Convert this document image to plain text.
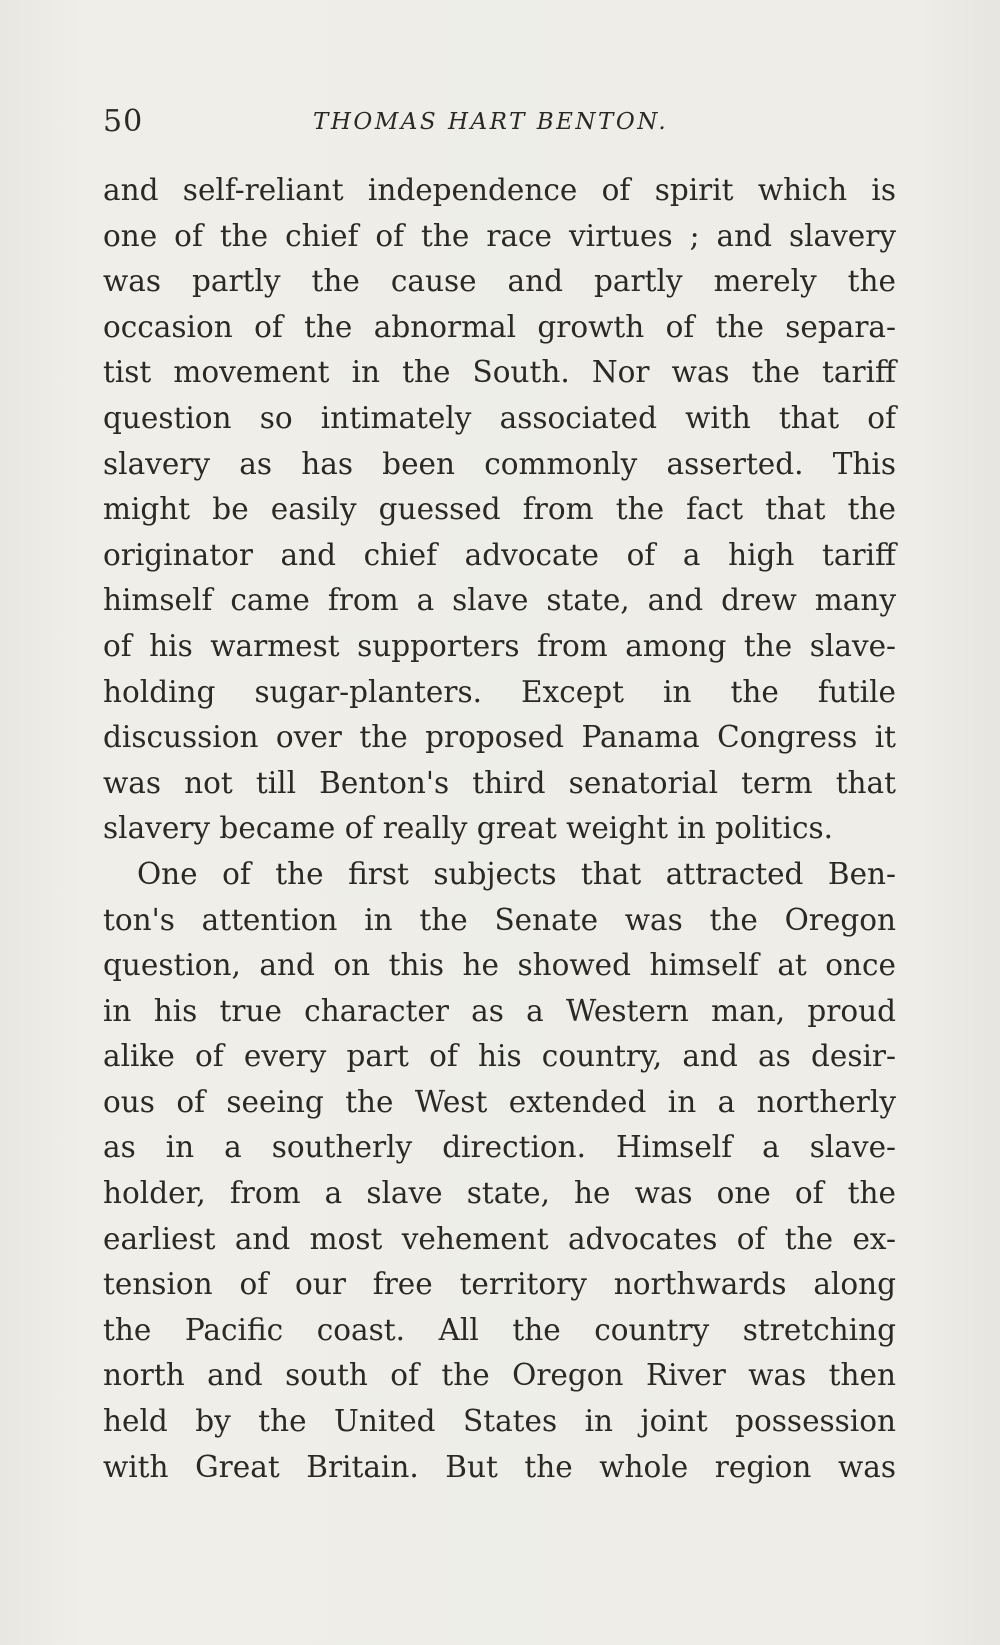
50	THOMAS HART BENTON.
and self-reliant independence of spirit which is
one of the chief of the race virtues ; and slavery
was partly the cause and partly merely the
occasion of the abnormal growth of the separa-
tist movement in the South. Nor was the tariff
question so intimately associated with that of
slavery as has been commonly asserted. This
might be easily guessed from the fact that the
originator and chief advocate of a high tariff
himself came from a slave state, and drew many
of his warmest supporters from among the slave-
holding sugar-planters. Except in the futile
discussion over the proposed Panama Congress it
was not till Benton's third senatorial term that
slavery became of really great weight in politics.
One of the first subjects that attracted Ben-
ton's attention in the Senate was the Oregon
question, and on this he showed himself at once
in his true character as a Western man, proud
alike of every part of his country, and as desir-
ous of seeing the West extended in a northerly
as in a southerly direction. Himself a slave-
holder, from a slave state, he was one of the
earliest and most vehement advocates of the ex-
tension of our free territory northwards along
the Pacific coast. All the country stretching
north and south of the Oregon River was then
held by the United States in joint possession
with Great Britain. But the whole region was
